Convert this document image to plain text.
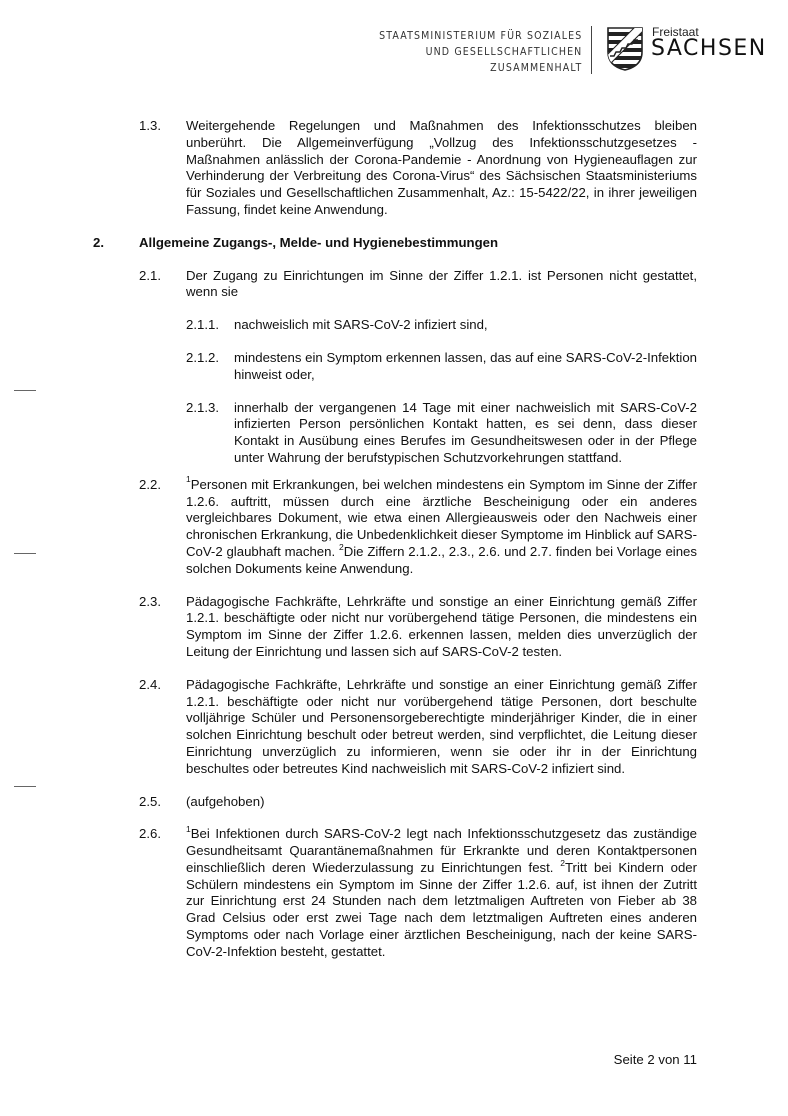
STAATSMINISTERIUM FÜR SOZIALES
UND GESELLSCHAFTLICHEN
ZUSAMMENHALT
Freistaat
SACHSEN
1.3. Weitergehende Regelungen und Maßnahmen des Infektionsschutzes bleiben unberührt. Die Allgemeinverfügung „Vollzug des Infektionsschutzgesetzes - Maßnahmen anlässlich der Corona-Pandemie - Anordnung von Hygieneauflagen zur Verhinderung der Verbreitung des Corona-Virus“ des Sächsischen Staatsministeriums für Soziales und Gesellschaftlichen Zusammenhalt, Az.: 15-5422/22, in ihrer jeweiligen Fassung, findet keine Anwendung.
2.	Allgemeine Zugangs-, Melde- und Hygienebestimmungen
2.1. Der Zugang zu Einrichtungen im Sinne der Ziffer 1.2.1. ist Personen nicht gestattet, wenn sie
2.1.1. nachweislich mit SARS-CoV-2 infiziert sind,
2.1.2. mindestens ein Symptom erkennen lassen, das auf eine SARS-CoV-2-Infektion hinweist oder,
2.1.3. innerhalb der vergangenen 14 Tage mit einer nachweislich mit SARS-CoV-2 infizierten Person persönlichen Kontakt hatten, es sei denn, dass dieser Kontakt in Ausübung eines Berufes im Gesundheitswesen oder in der Pflege unter Wahrung der berufstypischen Schutzvorkehrungen stattfand.
2.2.	$^1$Personen mit Erkrankungen, bei welchen mindestens ein Symptom im Sinne der Ziffer 1.2.6. auftritt, müssen durch eine ärztliche Bescheinigung oder ein anderes vergleichbares Dokument, wie etwa einen Allergieausweis oder den Nachweis einer chronischen Erkrankung, die Unbedenklichkeit dieser Symptome im Hinblick auf SARS-CoV-2 glaubhaft machen. $^2$Die Ziffern 2.1.2., 2.3., 2.6. und 2.7. finden bei Vorlage eines solchen Dokuments keine Anwendung.
2.3. Pädagogische Fachkräfte, Lehrkräfte und sonstige an einer Einrichtung gemäß Ziffer 1.2.1. beschäftigte oder nicht nur vorübergehend tätige Personen, die mindestens ein Symptom im Sinne der Ziffer 1.2.6. erkennen lassen, melden dies unverzüglich der Leitung der Einrichtung und lassen sich auf SARS-CoV-2 testen.
2.4. Pädagogische Fachkräfte, Lehrkräfte und sonstige an einer Einrichtung gemäß Ziffer 1.2.1. beschäftigte oder nicht nur vorübergehend tätige Personen, dort beschulte volljährige Schüler und Personensorgeberechtigte minderjähriger Kinder, die in einer solchen Einrichtung beschult oder betreut werden, sind verpflichtet, die Leitung dieser Einrichtung unverzüglich zu informieren, wenn sie oder ihr in der Einrichtung beschultes oder betreutes Kind nachweislich mit SARS-CoV-2 infiziert sind.
2.5. (aufgehoben)
2.6.	$^1$Bei Infektionen durch SARS-CoV-2 legt nach Infektionsschutzgesetz das zuständige Gesundheitsamt Quarantänemaßnahmen für Erkrankte und deren Kontaktpersonen einschließlich deren Wiederzulassung zu Einrichtungen fest. $^2$Tritt bei Kindern oder Schülern mindestens ein Symptom im Sinne der Ziffer 1.2.6. auf, ist ihnen der Zutritt zur Einrichtung erst 24 Stunden nach dem letztmaligen Auftreten von Fieber ab 38 Grad Celsius oder erst zwei Tage nach dem letztmaligen Auftreten eines anderen Symptoms oder nach Vorlage einer ärztlichen Bescheinigung, nach der keine SARS-CoV-2-Infektion besteht, gestattet.
Seite 2 von 11
